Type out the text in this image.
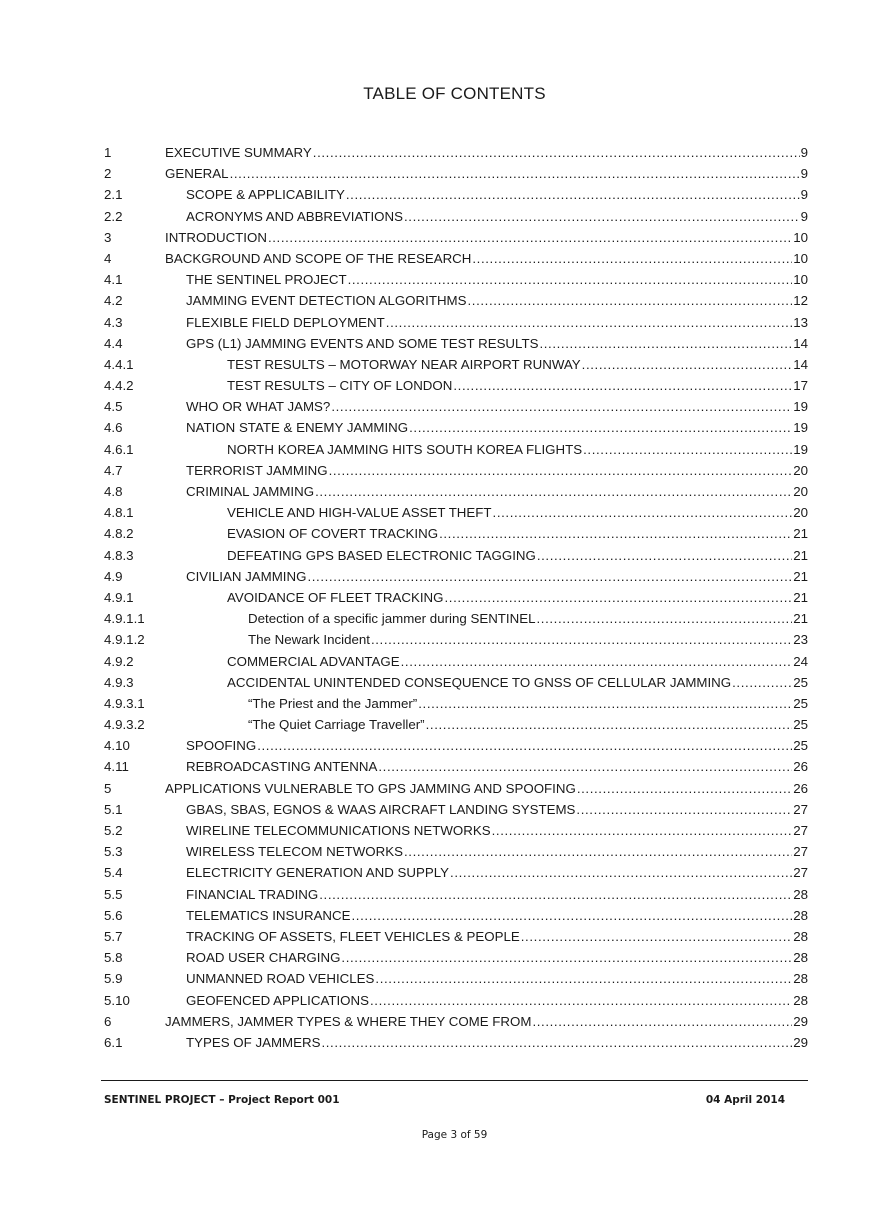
TABLE OF CONTENTS
1	EXECUTIVE SUMMARY .....	9
2	GENERAL .....	9
2.1	SCOPE & APPLICABILITY .....	9
2.2	ACRONYMS AND ABBREVIATIONS .....	9
3	INTRODUCTION .....	10
4	BACKGROUND AND SCOPE OF THE RESEARCH .....	10
4.1	THE SENTINEL PROJECT .....	10
4.2	JAMMING EVENT DETECTION ALGORITHMS .....	12
4.3	FLEXIBLE FIELD DEPLOYMENT .....	13
4.4	GPS (L1) JAMMING EVENTS AND SOME TEST RESULTS .....	14
4.4.1	TEST RESULTS – MOTORWAY NEAR AIRPORT RUNWAY .....	14
4.4.2	TEST RESULTS – CITY OF LONDON .....	17
4.5	WHO OR WHAT JAMS? .....	19
4.6	NATION STATE & ENEMY JAMMING .....	19
4.6.1	NORTH KOREA JAMMING HITS SOUTH KOREA FLIGHTS .....	19
4.7	TERRORIST JAMMING .....	20
4.8	CRIMINAL JAMMING .....	20
4.8.1	VEHICLE AND HIGH-VALUE ASSET THEFT .....	20
4.8.2	EVASION OF COVERT TRACKING .....	21
4.8.3	DEFEATING GPS BASED ELECTRONIC TAGGING .....	21
4.9	CIVILIAN JAMMING .....	21
4.9.1	AVOIDANCE OF FLEET TRACKING .....	21
4.9.1.1	Detection of a specific jammer during SENTINEL .....	21
4.9.1.2	The Newark Incident .....	23
4.9.2	COMMERCIAL ADVANTAGE .....	24
4.9.3	ACCIDENTAL UNINTENDED CONSEQUENCE TO GNSS OF CELLULAR JAMMING .....	25
4.9.3.1	“The Priest and the Jammer” .....	25
4.9.3.2	“The Quiet Carriage Traveller” .....	25
4.10	SPOOFING .....	25
4.11	REBROADCASTING ANTENNA .....	26
5	APPLICATIONS VULNERABLE TO GPS JAMMING AND SPOOFING .....	26
5.1	GBAS, SBAS, EGNOS & WAAS AIRCRAFT LANDING SYSTEMS .....	27
5.2	WIRELINE TELECOMMUNICATIONS NETWORKS .....	27
5.3	WIRELESS TELECOM NETWORKS .....	27
5.4	ELECTRICITY GENERATION AND SUPPLY .....	27
5.5	FINANCIAL TRADING .....	28
5.6	TELEMATICS INSURANCE .....	28
5.7	TRACKING OF ASSETS, FLEET VEHICLES & PEOPLE .....	28
5.8	ROAD USER CHARGING .....	28
5.9	UNMANNED ROAD VEHICLES .....	28
5.10	GEOFENCED APPLICATIONS .....	28
6	JAMMERS, JAMMER TYPES & WHERE THEY COME FROM .....	29
6.1	TYPES OF JAMMERS .....	29
SENTINEL PROJECT – Project Report 001	04 April 2014
Page 3 of 59
